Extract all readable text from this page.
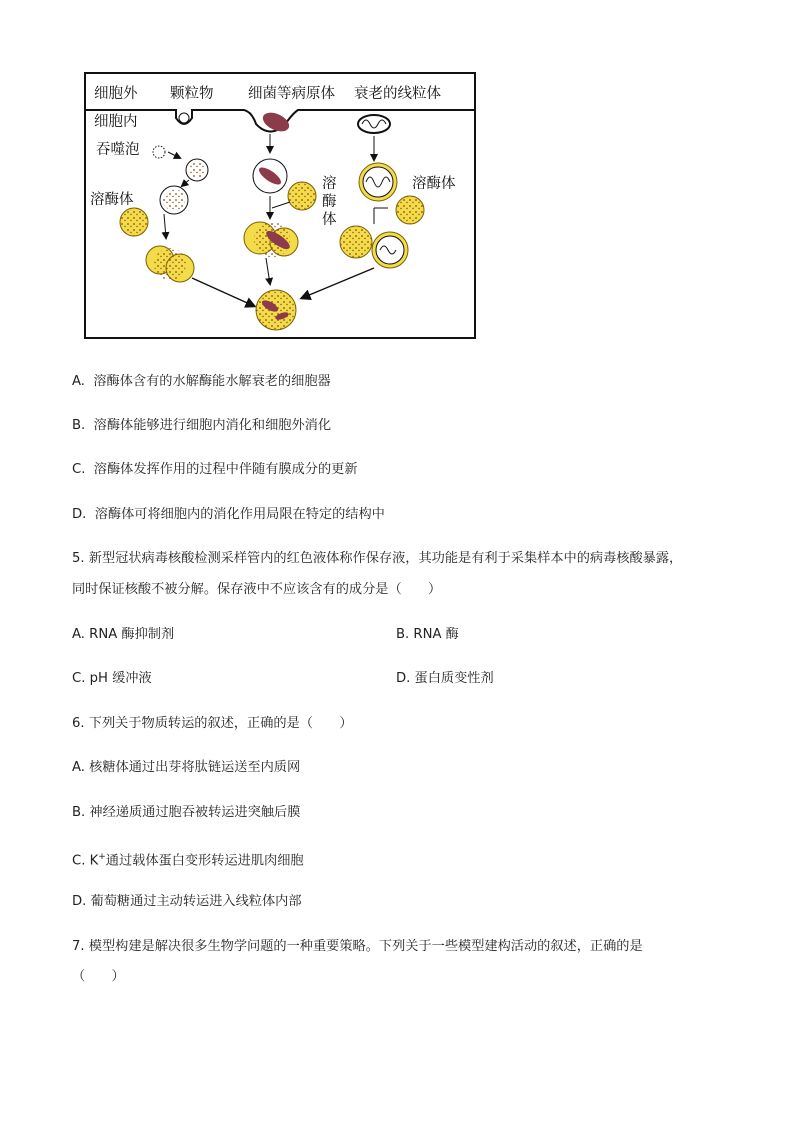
细胞外 颗粒物 细菌等病原体 衰老的线粒体
细胞内
吞噬泡
溶酶体
溶
酶
体
溶酶体
A. 溶酶体含有的水解酶能水解衰老的细胞器
B. 溶酶体能够进行细胞内消化和细胞外消化
C. 溶酶体发挥作用的过程中伴随有膜成分的更新
D. 溶酶体可将细胞内的消化作用局限在特定的结构中
5. 新型冠状病毒核酸检测采样管内的红色液体称作保存液，其功能是有利于采集样本中的病毒核酸暴露，
同时保证核酸不被分解。保存液中不应该含有的成分是（　　）
A. RNA 酶抑制剂	B. RNA 酶
C. pH 缓冲液	D. 蛋白质变性剂
6. 下列关于物质转运的叙述，正确的是（　　）
A. 核糖体通过出芽将肽链运送至内质网
B. 神经递质通过胞吞被转运进突触后膜
C. K+通过载体蛋白变形转运进肌肉细胞
D. 葡萄糖通过主动转运进入线粒体内部
7. 模型构建是解决很多生物学问题的一种重要策略。下列关于一些模型建构活动的叙述，正确的是
（　　）
